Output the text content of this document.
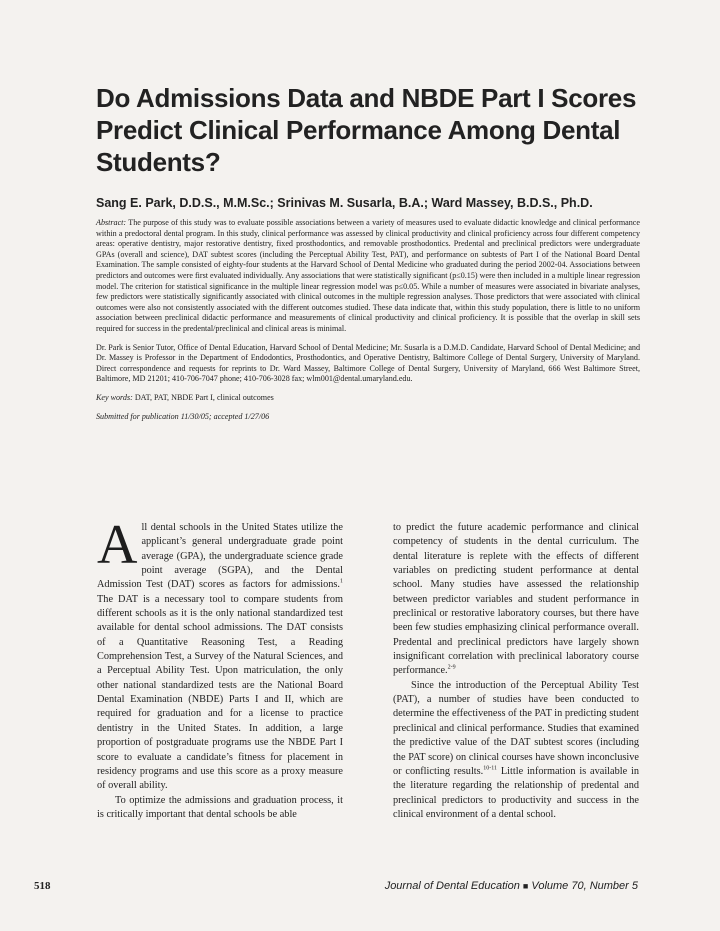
Do Admissions Data and NBDE Part I Scores Predict Clinical Performance Among Dental Students?
Sang E. Park, D.D.S., M.M.Sc.; Srinivas M. Susarla, B.A.; Ward Massey, B.D.S., Ph.D.

Abstract: The purpose of this study was to evaluate possible associations between a variety of measures used to evaluate didactic knowledge and clinical performance within a predoctoral dental program. In this study, clinical performance was assessed by clinical productivity and clinical proficiency across four different competency areas: operative dentistry, major restorative dentistry, fixed prosthodontics, and removable prosthodontics. Predental and preclinical predictors were undergraduate GPAs (overall and science), DAT subtest scores (including the Perceptual Ability Test, PAT), and performance on subtests of Part I of the National Board Dental Examination. The sample consisted of eighty-four students at the Harvard School of Dental Medicine who graduated during the period 2002-04. Associations between predictors and outcomes were first evaluated individually. Any associations that were statistically significant (p≤0.15) were then included in a multiple linear regression model. The criterion for statistical significance in the multiple linear regression model was p≤0.05. While a number of measures were associated in bivariate analyses, few predictors were statistically significantly associated with clinical outcomes in the multiple regression analyses. Those predictors that were associated with clinical outcomes were also not consistently associated with the different outcomes studied. These data indicate that, within this study population, there is little to no uniform association between preclinical didactic performance and measurements of clinical productivity and clinical proficiency. It is possible that the overlap in skill sets required for success in the predental/preclinical and clinical areas is minimal.

Dr. Park is Senior Tutor, Office of Dental Education, Harvard School of Dental Medicine; Mr. Susarla is a D.M.D. Candidate, Harvard School of Dental Medicine; and Dr. Massey is Professor in the Department of Endodontics, Prosthodontics, and Operative Dentistry, Baltimore College of Dental Surgery, University of Maryland. Direct correspondence and requests for reprints to Dr. Ward Massey, Baltimore College of Dental Surgery, University of Maryland, 666 West Baltimore Street, Baltimore, MD 21201; 410-706-7047 phone; 410-706-3028 fax; wlm001@dental.umaryland.edu.

Key words: DAT, PAT, NBDE Part I, clinical outcomes

Submitted for publication 11/30/05; accepted 1/27/06

All dental schools in the United States utilize the applicant’s general undergraduate grade point average (GPA), the undergraduate science grade point average (SGPA), and the Dental Admission Test (DAT) scores as factors for admissions.$^1$ The DAT is a necessary tool to compare students from different schools as it is the only national standardized test available for dental school admissions. The DAT consists of a Quantitative Reasoning Test, a Reading Comprehension Test, a Survey of the Natural Sciences, and a Perceptual Ability Test. Upon matriculation, the only other national standardized tests are the National Board Dental Examination (NBDE) Parts I and II, which are required for graduation and for a license to practice dentistry in the United States. In addition, a large proportion of postgraduate programs use the NBDE Part I score to evaluate a candidate’s fitness for placement in residency programs and use this score as a proxy measure of overall ability.

To optimize the admissions and graduation process, it is critically important that dental schools be able

to predict the future academic performance and clinical competency of students in the dental curriculum. The dental literature is replete with the effects of different variables on predicting student performance at dental school. Many studies have assessed the relationship between predictor variables and student performance in preclinical or restorative laboratory courses, but there have been few studies emphasizing clinical performance overall. Predental and preclinical predictors have largely shown insignificant correlation with preclinical laboratory course performance.$^{2-9}$

Since the introduction of the Perceptual Ability Test (PAT), a number of studies have been conducted to determine the effectiveness of the PAT in predicting student preclinical and clinical performance. Studies that examined the predictive value of the DAT subtest scores (including the PAT score) on clinical courses have shown inconclusive or conflicting results.$^{10-11}$ Little information is available in the literature regarding the relationship of predental and preclinical predictors to productivity and success in the clinical environment of a dental school.

518	Journal of Dental Education ■ Volume 70, Number 5
